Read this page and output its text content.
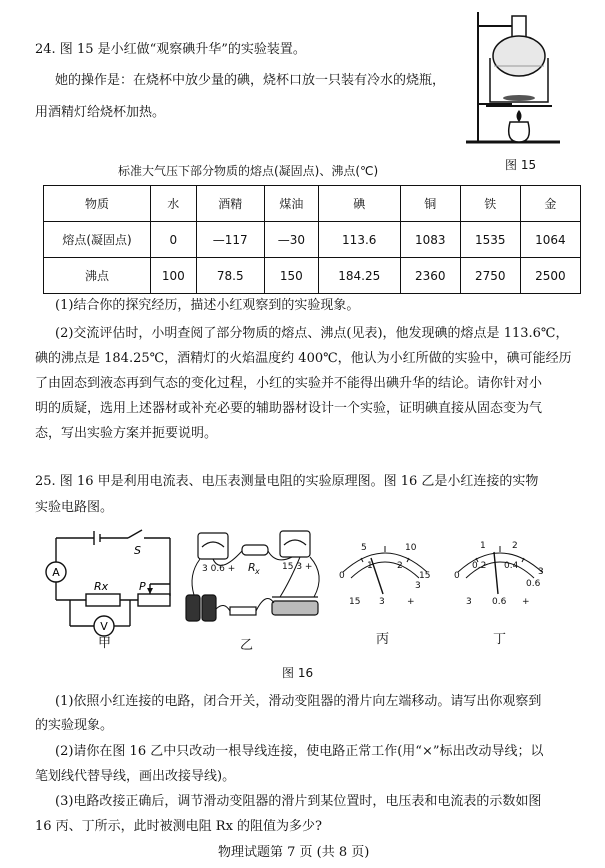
24. 图 15 是小红做“观察碘升华”的实验装置。
她的操作是：在烧杯中放少量的碘，烧杯口放一只装有冷水的烧瓶，
用酒精灯给烧杯加热。
图 15
标准大气压下部分物质的熔点(凝固点)、沸点(℃)
物质	水	酒精	煤油	碘	铜	铁	金
熔点(凝固点)	0	—117	—30	113.6	1083	1535	1064
沸点	100	78.5	150	184.25	2360	2750	2500
(1)结合你的探究经历，描述小红观察到的实验现象。
(2)交流评估时，小明查阅了部分物质的熔点、沸点(见表)，他发现碘的熔点是 113.6℃，
碘的沸点是 184.25℃，酒精灯的火焰温度约 400℃，他认为小红所做的实验中，碘可能经历
了由固态到液态再到气态的变化过程，小红的实验并不能得出碘升华的结论。请你针对小
明的质疑，选用上述器材或补充必要的辅助器材设计一个实验，证明碘直接从固态变为气
态，写出实验方案并扼要说明。
25. 图 16 甲是利用电流表、电压表测量电阻的实验原理图。图 16 乙是小红连接的实物
实验电路图。
A
V
S
Rx	P
3 0.6 +	15 3 +
R x
5	10
15
0
1	2
3
15 3 +
0.2 0.4
0.6
0
1	2
3
3 0.6 +
甲	乙	丙	丁
图 16
(1)依照小红连接的电路，闭合开关，滑动变阻器的滑片向左端移动。请写出你观察到
的实验现象。
(2)请你在图 16 乙中只改动一根导线连接，使电路正常工作(用“×”标出改动导线；以
笔划线代替导线，画出改接导线)。
(3)电路改接正确后，调节滑动变阻器的滑片到某位置时，电压表和电流表的示数如图
16 丙、丁所示，此时被测电阻 Rx 的阻值为多少?
物理试题第 7 页 (共 8 页)
